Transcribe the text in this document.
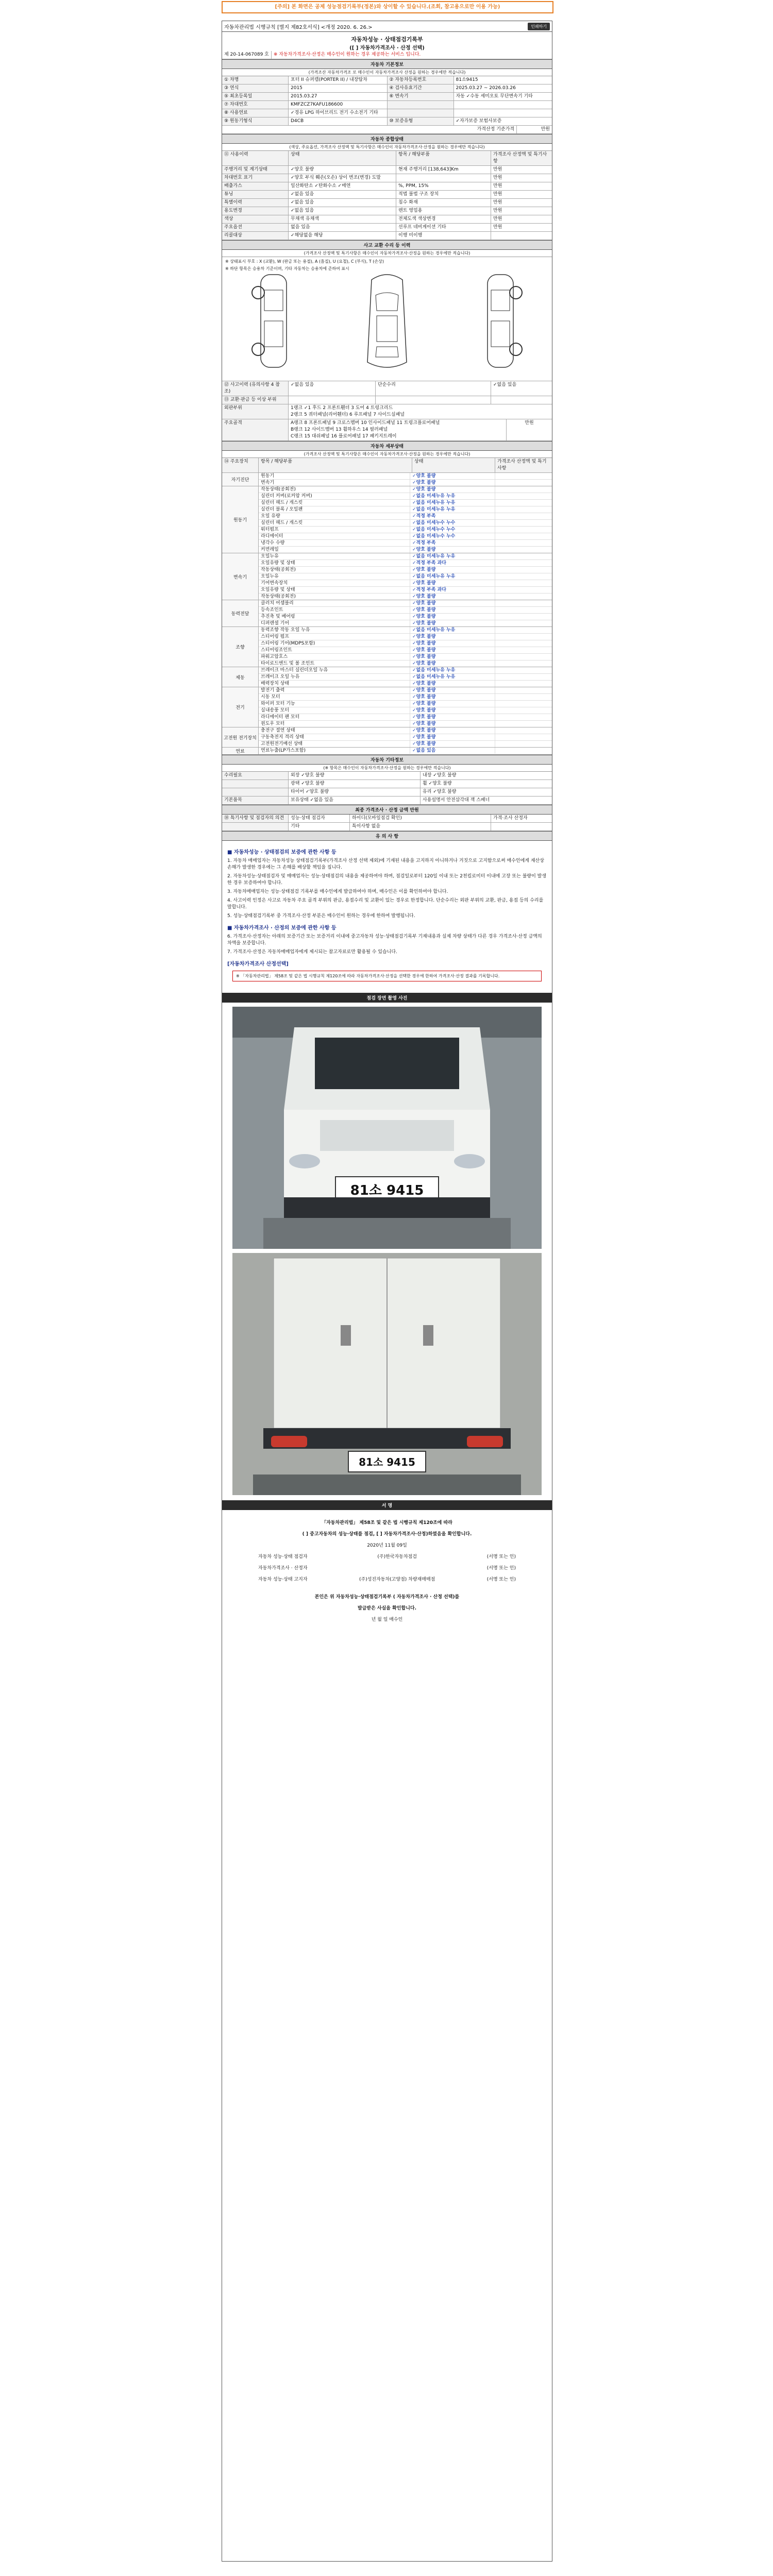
[주의] 본 화면은 공제 성능점검기록부(정본)와 상이할 수 있습니다.(조회, 참고용으로만 이용 가능)
자동차관리법 시행규칙 [별지 제82호서식] <개정 2020. 6. 26.>	인쇄하기
자동차성능 · 상태점검기록부
([ ] 자동차가격조사 · 산정 선택)
제 20-14-067089 호	※ 자동차가격조사·산정은 매수인이 원하는 경우 제공하는 서비스 입니다.
자동차 기본정보
(가격조산 자동차가격조 로 매수인이 자동차가격조사 산정을 원하는 경우에만 적습니다)
① 차명	포터 II 슈퍼캡(PORTER II) / 내장탑차	② 자동차등록번호	81소9415
③ 연식	2015	④ 검사유효기간	2025.03.27 ~ 2026.03.26
⑤ 최초등록일	2015.03.27	⑥ 변속기	자동 ✓수동 세미오토 무단변속기 기타
⑦ 차대번호	KMFZCZ7KAFU186600
⑧ 사용연료	✓경유 LPG 하이브리드 전기 수소전기 기타
⑨ 원동기형식	D4CB	⑩ 보증유형	✓자가보증 보험사보증
가격산정 기준가격	만원
자동차 종합상태
(색상, 주요옵션, 가격조사 산정액 및 특기사항은 매수인이 자동차가격조사·산정을 원하는 경우에만 적습니다)
⑪ 사용이력	상태	항목 / 해당부품	가격조사 산정액 및 특기사항
주행거리 및 계기상태	✓양호 불량	현재 주행거리 [138,643]Km	만원
차대번호 표기	✓양호 부식 훼손(오손) 상이 변조(변경) 도말	만원
배출가스	일산화탄소 ✓탄화수소 ✓매연	%, PPM, 15%	만원
튜닝	✓없음 있음	적법 불법 구조 장치	만원
특별이력	✓없음 있음	침수 화재	만원
용도변경	✓없음 있음	렌트 영업용	만원
색상	무채색 유채색	전체도색 색상변경	만원
주요옵션	없음 있음	선루프 네비게이션 기타	만원
리콜대상	✓해당없음 해당	이행 미이행
사고 교환 수리 등 이력
(가격조사 산정액 및 특기사항은 매수인이 자동차가격조사·산정을 원하는 경우에만 적습니다)
※ 상태표시 부호 : X (교환), W (판금 또는 용접), A (흠집), U (요철), C (부식), T (손상)
※ 하단 항목은 승용차 기준이며, 기타 자동차는 승용차에 준하여 표시
⑫ 사고이력 (유의사항 4 참조)
✓없음 있음	단순수리	✓없음 있음
⑬ 교환·판금 등 이상 부위
외판부위	1랭크 ✓1 후드 2 프론트휀더 3 도어 4 트렁크리드
2랭크 5 쿼터패널(리어휀더) 6 루프패널 7 사이드실패널
주요골격	A랭크 8 프론트패널 9 크로스멤버 10 인사이드패널 11 트렁크플로어패널
B랭크 12 사이드멤버 13 휠하우스 14 필러패널
C랭크 15 대쉬패널 16 플로어패널 17 패키지트레이
만원
자동차 세부상태
(가격조사 산정액 및 특기사항은 매수인이 자동차가격조사·산정을 원하는 경우에만 적습니다)
⑭ 주요장치	항목 / 해당부품	상태	가격조사 산정액 및 특기사항
자기진단
원동기	✓양호 불량
변속기	✓양호 불량
원동기
작동상태(공회전)	✓양호 불량
실린더 커버(로커암 커버)	✓없음 미세누유 누유
실린더 헤드 / 개스킷	✓없음 미세누유 누유
실린더 블록 / 오일팬	✓없음 미세누유 누유
오일 유량	✓적정 부족
실린더 헤드 / 개스킷	✓없음 미세누수 누수
워터펌프	✓없음 미세누수 누수
라디에이터	✓없음 미세누수 누수
냉각수 수량	✓적정 부족
커먼레일	✓양호 불량
변속기
오일누유	✓없음 미세누유 누유
오일유량 및 상태	✓적정 부족 과다
작동상태(공회전)	✓양호 불량
오일누유	✓없음 미세누유 누유
기어변속장치	✓양호 불량
오일유량 및 상태	✓적정 부족 과다
작동상태(공회전)	✓양호 불량
동력전달
클러치 어셈블리	✓양호 불량
등속조인트	✓양호 불량
추진축 및 베어링	✓양호 불량
디퍼렌셜 기어	✓양호 불량
조향
동력조향 작동 오일 누유	✓없음 미세누유 누유
스티어링 펌프	✓양호 불량
스티어링 기어(MDPS포함)	✓양호 불량
스티어링조인트	✓양호 불량
파워고압호스	✓양호 불량
타이로드엔드 및 볼 조인트	✓양호 불량
제동
브레이크 마스터 실린더오일 누유	✓없음 미세누유 누유
브레이크 오일 누유	✓없음 미세누유 누유
배력장치 상태	✓양호 불량
전기
발전기 출력	✓양호 불량
시동 모터	✓양호 불량
와이퍼 모터 기능	✓양호 불량
실내송풍 모터	✓양호 불량
라디에이터 팬 모터	✓양호 불량
윈도우 모터	✓양호 불량
고전원 전기장치
충전구 절연 상태	✓양호 불량
구동축전지 격리 상태	✓양호 불량
고전원전기배선 상태	✓양호 불량
연료	연료누출(LP가스포함)	✓없음 있음
자동차 기타정보
(※ 항목은 매수인이 자동차가격조사·산정을 원하는 경우에만 적습니다)
수리필요	외장 ✓양호 불량	내장 ✓양호 불량
광택 ✓양호 불량	휠 ✓양호 불량
타이어 ✓양호 불량	유리 ✓양호 불량
기본품목	보유상태 ✓없음 있음	사용설명서 안전삼각대 잭 스패너
최종 가격조사 · 산정 금액 만원
⑱ 특기사항 및 점검자의 의견	성능·상태 점검자	하이디(모바일점검 확인)	가격·조사 산정자
기타	특이사항 없음
유 의 사 항
■ 자동차성능 · 상태점검의 보증에 관한 사항 등

1. 자동차 매매업자는 자동차성능 상태점검기록부(가격조사 산정 선택 제외)에 기재된 내용을 고지하지 아니하거나 거짓으로 고지함으로써 매수인에게 재산상 손해가 발생한 경우에는 그 손해를 배상할 책임을 집니다.

2. 자동차성능·상태점검자 및 매매업자는 성능·상태점검의 내용을 제공하여야 하며, 점검일로부터 120일 이내 또는 2천킬로미터 이내에 고장 또는 불량이 발생한 경우 보증하여야 합니다.

3. 자동차매매업자는 성능·상태점검 기록부를 매수인에게 발급하여야 하며, 매수인은 이를 확인하여야 합니다.

4. 사고이력 인정은 사고로 자동차 주요 골격 부위의 판금, 용접수리 및 교환이 있는 경우로 한정합니다. 단순수리는 외판 부위의 교환, 판금, 용접 등의 수리를 말합니다.

5. 성능·상태점검기록부 중 가격조사·산정 부분은 매수인이 원하는 경우에 한하여 발행됩니다.

■ 자동차가격조사 · 산정의 보증에 관한 사항 등

6. 가격조사·산정자는 아래의 보증기간 또는 보증거리 이내에 중고자동차 성능·상태점검기록부 기재내용과 실제 차량 상태가 다른 경우 가격조사·산정 금액의 차액을 보증합니다.

7. 가격조사·산정은 자동차매매업자에게 제시되는 참고자료로만 활용될 수 있습니다.

[자동차가격조사 산정선택]
※ 「자동차관리법」 제58조 및 같은 법 시행규칙 제120조에 따라 자동차가격조사·산정을 선택한 경우에 한하여 가격조사·산정 결과를 기록합니다.
점검 장면 촬영 사진
81소 9415
81소 9415
서 명
「자동차관리법」 제58조 및 같은 법 시행규칙 제120조에 따라
( ] 중고자동차의 성능·상태를 점검, [ ] 자동차가격조사·산정)하였음을 확인합니다.
2020년 11월 09일
자동차 성능·상태 점검자	(주)한국자동차점검	(서명 또는 인)
자동차가격조사 · 산정자	(서명 또는 인)
자동차 성능·상태 고지자	(주)성진자동차(고양점) 차량재매매점	(서명 또는 인)
본인은 위 자동차성능·상태점검기록부 ( 자동차가격조사 · 산정 선택)를
발급받은 사실을 확인합니다.
년 월 일 매수인
